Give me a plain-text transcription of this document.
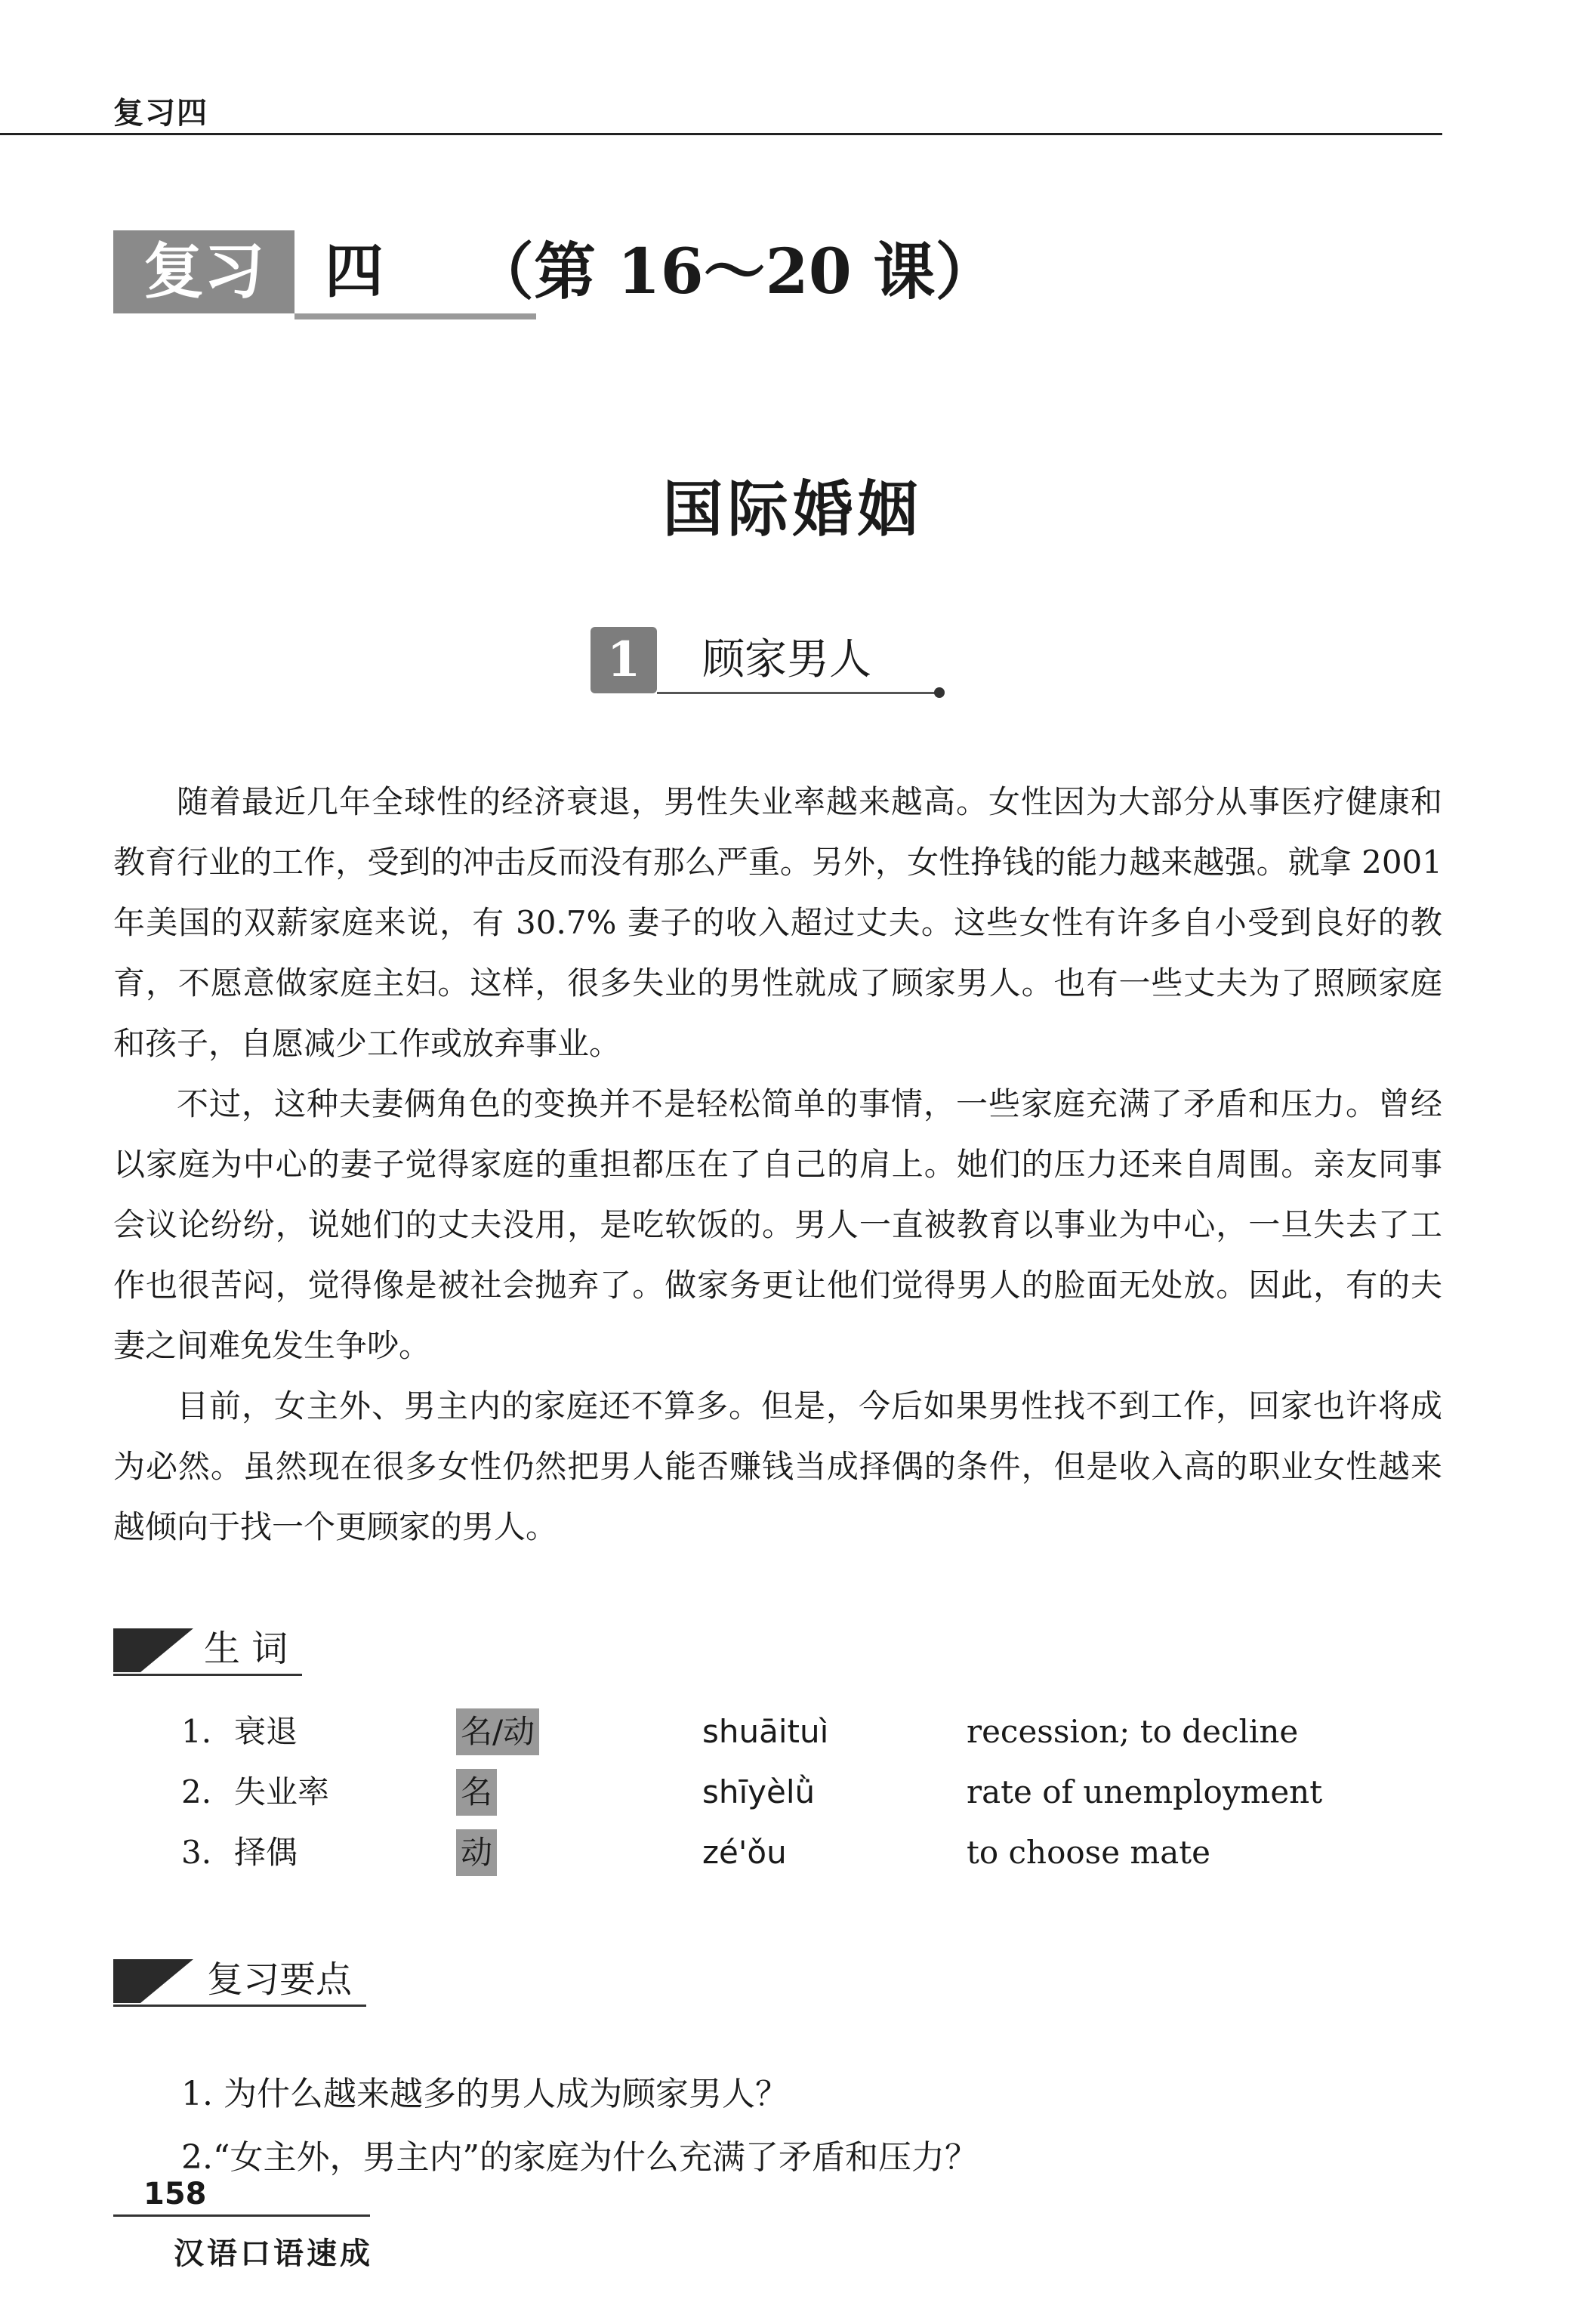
复习四
复习	四 （第 16～20 课）
国际婚姻
1	顾家男人

随着最近几年全球性的经济衰退，男性失业率越来越高。女性因为大部分从事医疗健康和教育行业的工作，受到的冲击反而没有那么严重。另外，女性挣钱的能力越来越强。就拿 2001 年美国的双薪家庭来说，有 30.7% 妻子的收入超过丈夫。这些女性有许多自小受到良好的教育，不愿意做家庭主妇。这样，很多失业的男性就成了顾家男人。也有一些丈夫为了照顾家庭和孩子，自愿减少工作或放弃事业。

不过，这种夫妻俩角色的变换并不是轻松简单的事情，一些家庭充满了矛盾和压力。曾经以家庭为中心的妻子觉得家庭的重担都压在了自己的肩上。她们的压力还来自周围。亲友同事会议论纷纷，说她们的丈夫没用，是吃软饭的。男人一直被教育以事业为中心，一旦失去了工作也很苦闷，觉得像是被社会抛弃了。做家务更让他们觉得男人的脸面无处放。因此，有的夫妻之间难免发生争吵。

目前，女主外、男主内的家庭还不算多。但是，今后如果男性找不到工作，回家也许将成为必然。虽然现在很多女性仍然把男人能否赚钱当成择偶的条件，但是收入高的职业女性越来越倾向于找一个更顾家的男人。

生 词
1. 衰退	名/动	shuāituì	recession; to decline
2. 失业率	名	shīyèlǜ	rate of unemployment
3. 择偶	动	zé'ǒu	to choose mate
复习要点
1. 为什么越来越多的男人成为顾家男人？
2.“女主外，男主内”的家庭为什么充满了矛盾和压力？
158
汉语口语速成
